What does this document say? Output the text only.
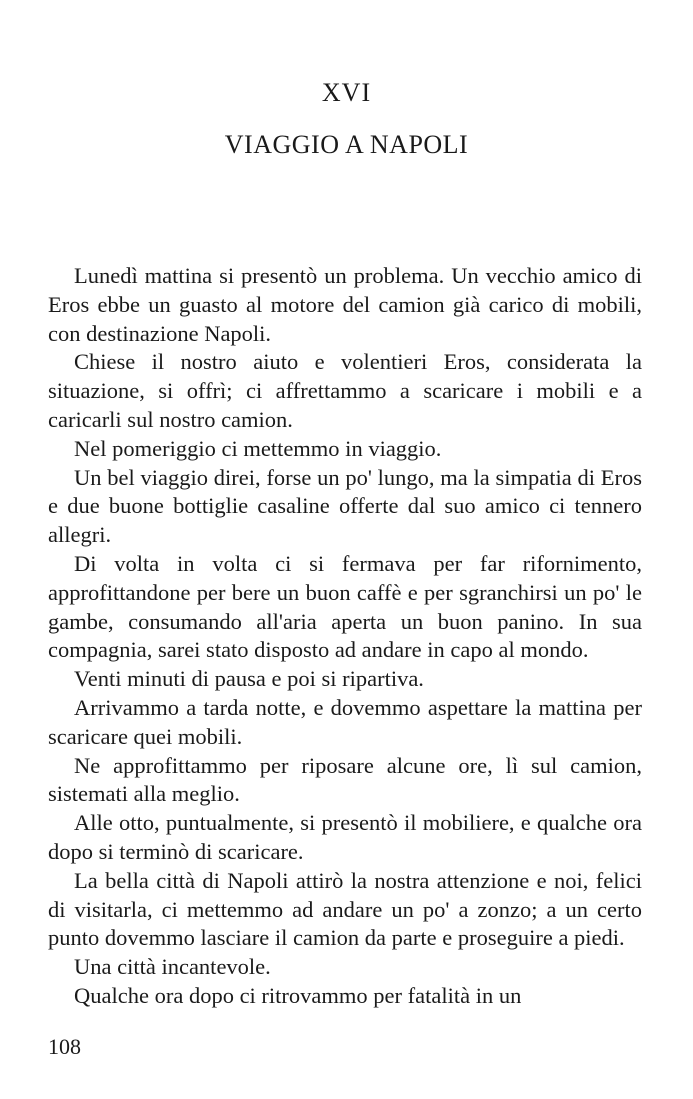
XVI
VIAGGIO A NAPOLI

Lunedì mattina si presentò un problema. Un vecchio amico di Eros ebbe un guasto al motore del camion già carico di mobili, con destinazione Napoli.

Chiese il nostro aiuto e volentieri Eros, considerata la situazione, si offrì; ci affrettammo a scaricare i mobili e a caricarli sul nostro camion.

Nel pomeriggio ci mettemmo in viaggio.

Un bel viaggio direi, forse un po' lungo, ma la simpatia di Eros e due buone bottiglie casaline offerte dal suo amico ci tennero allegri.

Di volta in volta ci si fermava per far rifornimento, approfittandone per bere un buon caffè e per sgranchirsi un po' le gambe, consumando all'aria aperta un buon panino. In sua compagnia, sarei stato disposto ad andare in capo al mondo.

Venti minuti di pausa e poi si ripartiva.

Arrivammo a tarda notte, e dovemmo aspettare la mattina per scaricare quei mobili.

Ne approfittammo per riposare alcune ore, lì sul camion, sistemati alla meglio.

Alle otto, puntualmente, si presentò il mobiliere, e qualche ora dopo si terminò di scaricare.

La bella città di Napoli attirò la nostra attenzione e noi, felici di visitarla, ci mettemmo ad andare un po' a zonzo; a un certo punto dovemmo lasciare il camion da parte e proseguire a piedi.

Una città incantevole.

Qualche ora dopo ci ritrovammo per fatalità in un

108
